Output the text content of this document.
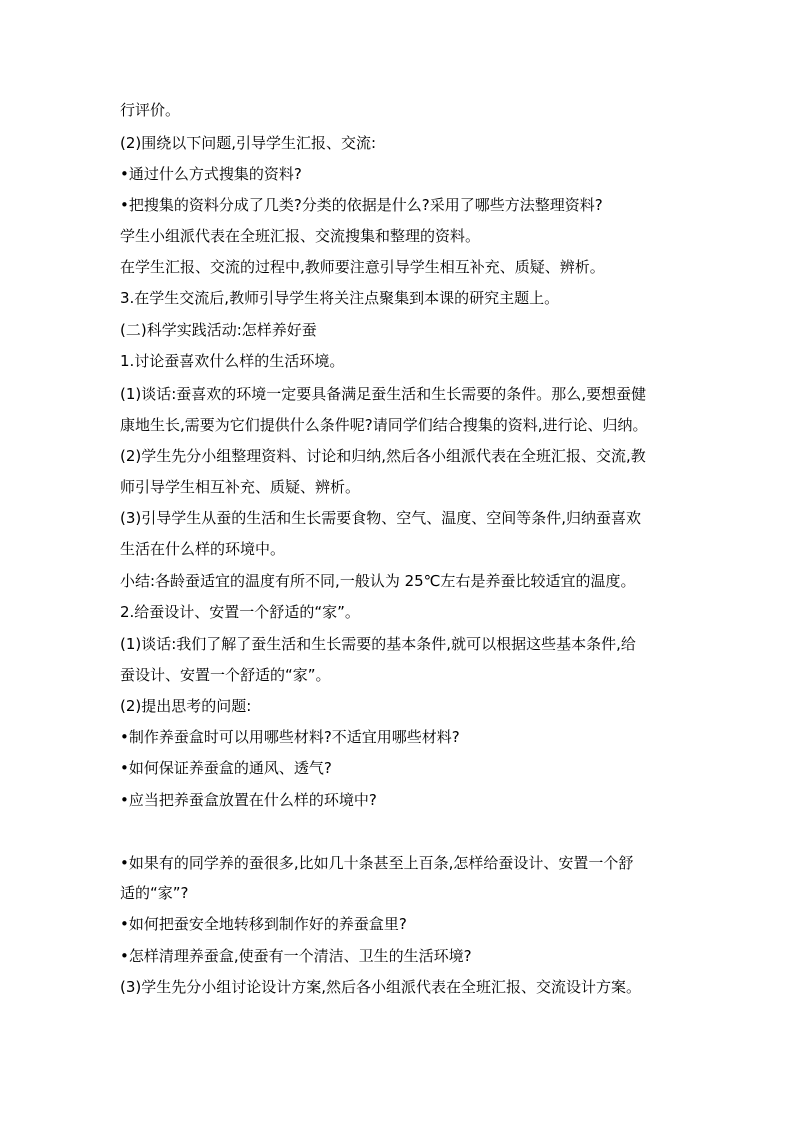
行评价。
(2)围绕以下问题,引导学生汇报、交流:
•通过什么方式搜集的资料?
•把搜集的资料分成了几类?分类的依据是什么?采用了哪些方法整理资料?
学生小组派代表在全班汇报、交流搜集和整理的资料。
在学生汇报、交流的过程中,教师要注意引导学生相互补充、质疑、辨析。
3.在学生交流后,教师引导学生将关注点聚集到本课的研究主题上。
(二)科学实践活动:怎样养好蚕
1.讨论蚕喜欢什么样的生活环境。
(1)谈话:蚕喜欢的环境一定要具备满足蚕生活和生长需要的条件。那么,要想蚕健
康地生长,需要为它们提供什么条件呢?请同学们结合搜集的资料,进行论、归纳。
(2)学生先分小组整理资料、讨论和归纳,然后各小组派代表在全班汇报、交流,教
师引导学生相互补充、质疑、辨析。
(3)引导学生从蚕的生活和生长需要食物、空气、温度、空间等条件,归纳蚕喜欢
生活在什么样的环境中。
小结:各龄蚕适宜的温度有所不同,一般认为 25℃左右是养蚕比较适宜的温度。
2.给蚕设计、安置一个舒适的“家”。
(1)谈话:我们了解了蚕生活和生长需要的基本条件,就可以根据这些基本条件,给
蚕设计、安置一个舒适的“家”。
(2)提出思考的问题:
•制作养蚕盒时可以用哪些材料?不适宜用哪些材料?
•如何保证养蚕盒的通风、透气?
•应当把养蚕盒放置在什么样的环境中?
•如果有的同学养的蚕很多,比如几十条甚至上百条,怎样给蚕设计、安置一个舒
适的“家”?
•如何把蚕安全地转移到制作好的养蚕盒里?
•怎样清理养蚕盒,使蚕有一个清洁、卫生的生活环境?
(3)学生先分小组讨论设计方案,然后各小组派代表在全班汇报、交流设计方案。
